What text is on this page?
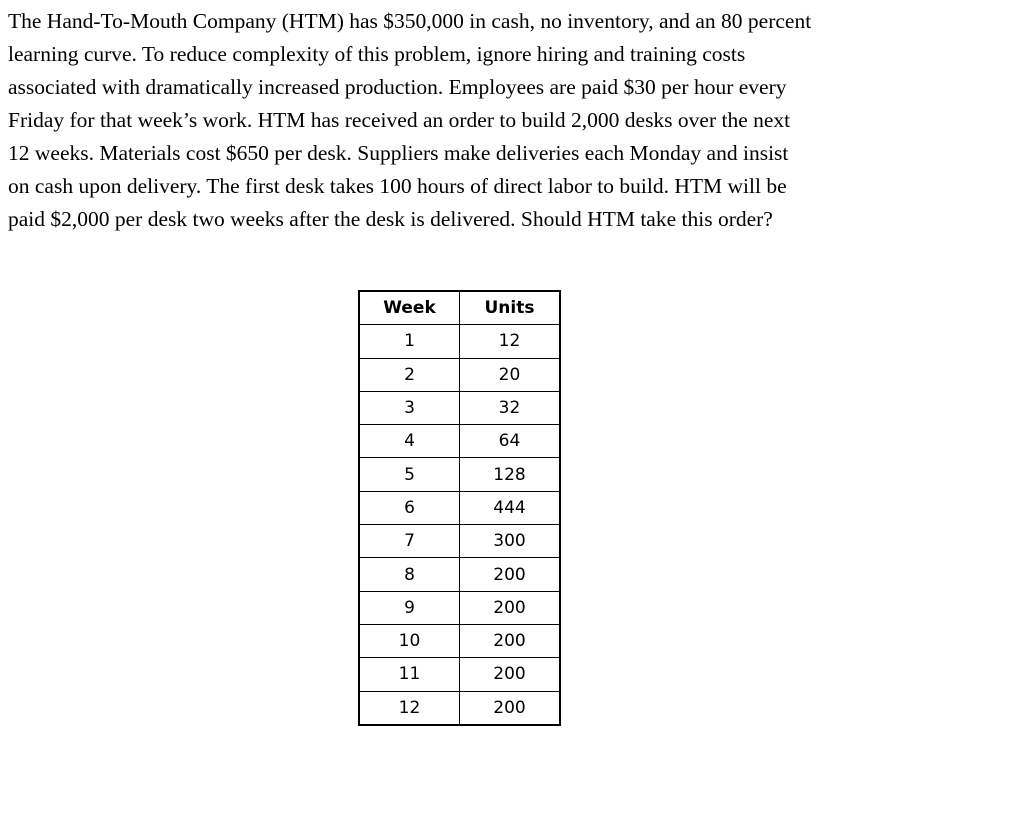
The Hand-To-Mouth Company (HTM) has $350,000 in cash, no inventory, and an 80 percent
learning curve. To reduce complexity of this problem, ignore hiring and training costs
associated with dramatically increased production. Employees are paid $30 per hour every
Friday for that week’s work. HTM has received an order to build 2,000 desks over the next
12 weeks. Materials cost $650 per desk. Suppliers make deliveries each Monday and insist
on cash upon delivery. The first desk takes 100 hours of direct labor to build. HTM will be
paid $2,000 per desk two weeks after the desk is delivered. Should HTM take this order?
Week	Units
1	12
2	20
3	32
4	64
5	128
6	444
7	300
8	200
9	200
10	200
11	200
12	200
